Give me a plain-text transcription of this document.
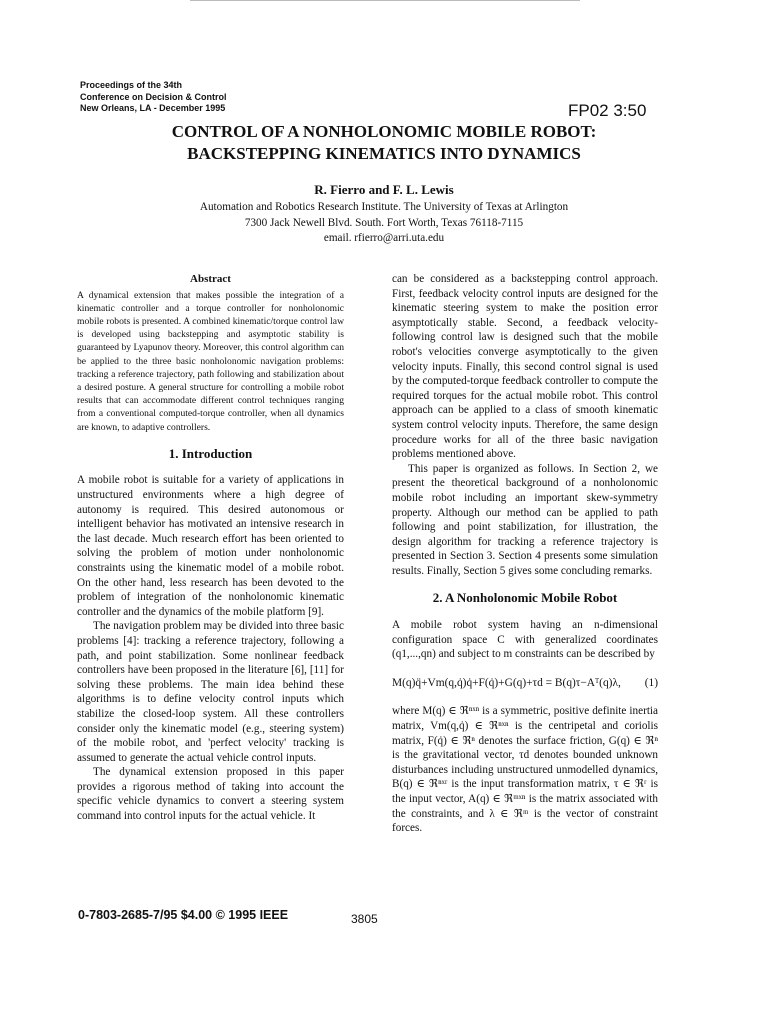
Proceedings of the 34th
Conference on Decision & Control
New Orleans, LA - December 1995	FP02 3:50
CONTROL OF A NONHOLONOMIC MOBILE ROBOT:
BACKSTEPPING KINEMATICS INTO DYNAMICS
R. Fierro and F. L. Lewis
Automation and Robotics Research Institute. The University of Texas at Arlington
7300 Jack Newell Blvd. South. Fort Worth, Texas 76118-7115
email. rfierro@arri.uta.edu
Abstract

A dynamical extension that makes possible the integration of a kinematic controller and a torque controller for nonholonomic mobile robots is presented. A combined kinematic/torque control law is developed using backstepping and asymptotic stability is guaranteed by Lyapunov theory. Moreover, this control algorithm can be applied to the three basic nonholonomic navigation problems: tracking a reference trajectory, path following and stabilization about a desired posture. A general structure for controlling a mobile robot results that can accommodate different control techniques ranging from a conventional computed-torque controller, when all dynamics are known, to adaptive controllers.

1. Introduction

A mobile robot is suitable for a variety of applications in unstructured environments where a high degree of autonomy is required. This desired autonomous or intelligent behavior has motivated an intensive research in the last decade. Much research effort has been oriented to solving the problem of motion under nonholonomic constraints using the kinematic model of a mobile robot. On the other hand, less research has been devoted to the problem of integration of the nonholonomic kinematic controller and the dynamics of the mobile platform [9].

The navigation problem may be divided into three basic problems [4]: tracking a reference trajectory, following a path, and point stabilization. Some nonlinear feedback controllers have been proposed in the literature [6], [11] for solving these problems. The main idea behind these algorithms is to define velocity control inputs which stabilize the closed-loop system. All these controllers consider only the kinematic model (e.g., steering system) of the mobile robot, and 'perfect velocity' tracking is assumed to generate the actual vehicle control inputs.

The dynamical extension proposed in this paper provides a rigorous method of taking into account the specific vehicle dynamics to convert a steering system command into control inputs for the actual vehicle. It

can be considered as a backstepping control approach. First, feedback velocity control inputs are designed for the kinematic steering system to make the position error asymptotically stable. Second, a feedback velocity-following control law is designed such that the mobile robot's velocities converge asymptotically to the given velocity inputs. Finally, this second control signal is used by the computed-torque feedback controller to compute the required torques for the actual mobile robot. This control approach can be applied to a class of smooth kinematic system control velocity inputs. Therefore, the same design procedure works for all of the three basic navigation problems mentioned above.

This paper is organized as follows. In Section 2, we present the theoretical background of a nonholonomic mobile robot including an important skew-symmetry property. Although our method can be applied to path following and point stabilization, for illustration, the design algorithm for tracking a reference trajectory is presented in Section 3. Section 4 presents some simulation results. Finally, Section 5 gives some concluding remarks.

2. A Nonholonomic Mobile Robot

A mobile robot system having an n-dimensional configuration space C with generalized coordinates (q1,...,qn) and subject to m constraints can be described by

M(q)q̈+Vm(q,q̇)q̇+F(q̇)+G(q)+τd = B(q)τ−Aᵀ(q)λ, (1)

where M(q) ∈ ℜⁿˣⁿ is a symmetric, positive definite inertia matrix, Vm(q,q̇) ∈ ℜⁿˣⁿ is the centripetal and coriolis matrix, F(q̇) ∈ ℜⁿ denotes the surface friction, G(q) ∈ ℜⁿ is the gravitational vector, τd denotes bounded unknown disturbances including unstructured unmodelled dynamics, B(q) ∈ ℜⁿˣʳ is the input transformation matrix, τ ∈ ℜʳ is the input vector, A(q) ∈ ℜᵐˣⁿ is the matrix associated with the constraints, and λ ∈ ℜᵐ is the vector of constraint forces.

0-7803-2685-7/95 $4.00 © 1995 IEEE	3805
